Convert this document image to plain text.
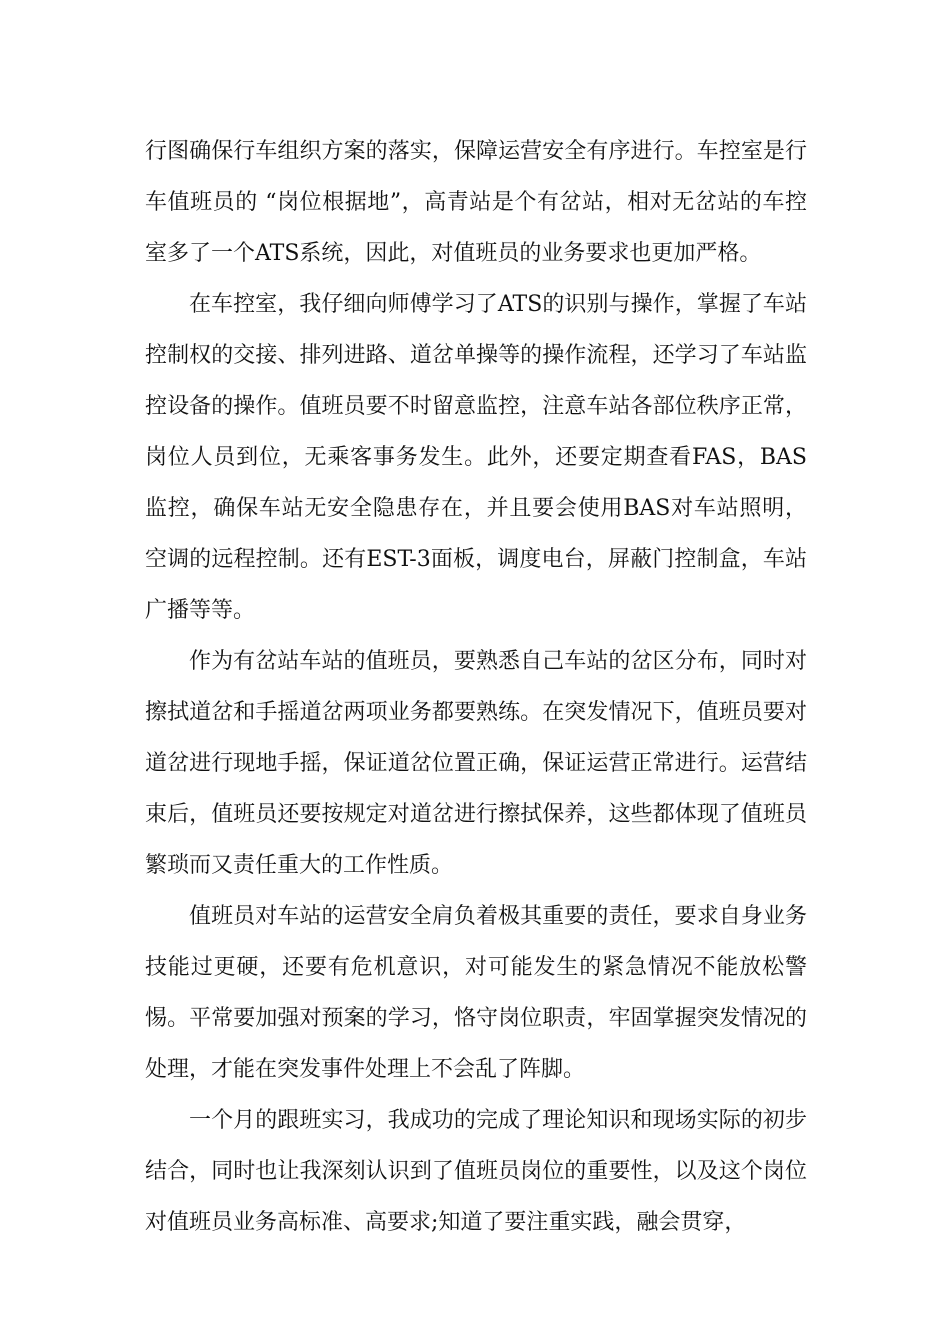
行图确保行车组织方案的落实，保障运营安全有序进行。车控室是行车值班员的 “岗位根据地”，高青站是个有岔站，相对无岔站的车控室多了一个ATS系统，因此，对值班员的业务要求也更加严格。

在车控室，我仔细向师傅学习了ATS的识别与操作，掌握了车站控制权的交接、排列进路、道岔单操等的操作流程，还学习了车站监控设备的操作。值班员要不时留意监控，注意车站各部位秩序正常，岗位人员到位，无乘客事务发生。此外，还要定期查看FAS，BAS监控，确保车站无安全隐患存在，并且要会使用BAS对车站照明，空调的远程控制。还有EST-3面板，调度电台，屏蔽门控制盒，车站广播等等。

作为有岔站车站的值班员，要熟悉自己车站的岔区分布，同时对擦拭道岔和手摇道岔两项业务都要熟练。在突发情况下，值班员要对道岔进行现地手摇，保证道岔位置正确，保证运营正常进行。运营结束后，值班员还要按规定对道岔进行擦拭保养，这些都体现了值班员繁琐而又责任重大的工作性质。

值班员对车站的运营安全肩负着极其重要的责任，要求自身业务技能过更硬，还要有危机意识，对可能发生的紧急情况不能放松警惕。平常要加强对预案的学习，恪守岗位职责，牢固掌握突发情况的处理，才能在突发事件处理上不会乱了阵脚。

一个月的跟班实习，我成功的完成了理论知识和现场实际的初步结合，同时也让我深刻认识到了值班员岗位的重要性，以及这个岗位对值班员业务高标准、高要求;知道了要注重实践，融会贯穿，
